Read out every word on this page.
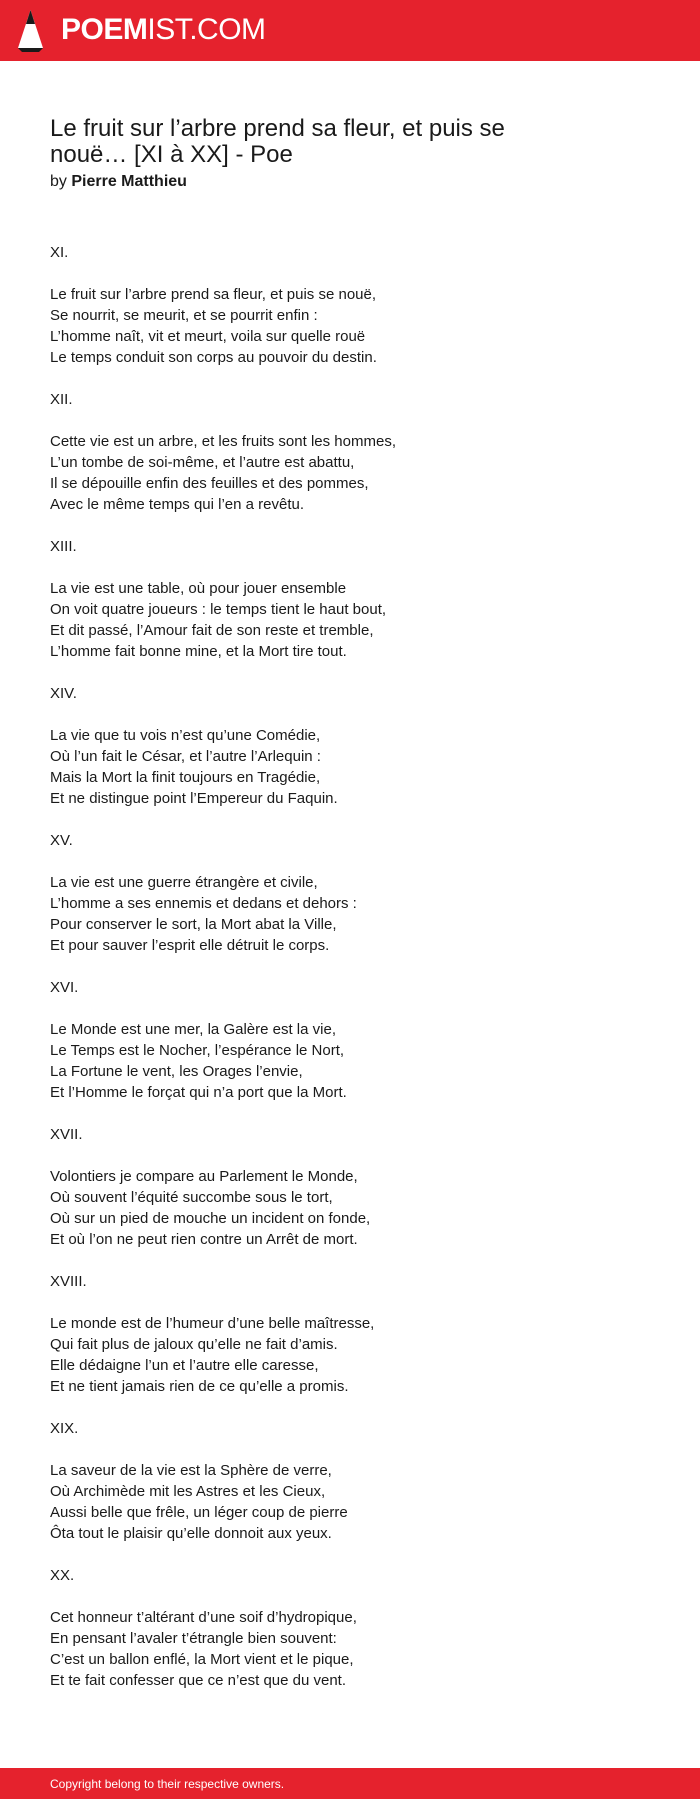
POEMIST.COM
Le fruit sur l’arbre prend sa fleur, et puis se
nouë… [XI à XX] - Poe
by Pierre Matthieu
XI.
Le fruit sur l’arbre prend sa fleur, et puis se nouë,
Se nourrit, se meurit, et se pourrit enfin :
L’homme naît, vit et meurt, voila sur quelle rouë
Le temps conduit son corps au pouvoir du destin.
XII.
Cette vie est un arbre, et les fruits sont les hommes,
L’un tombe de soi-même, et l’autre est abattu,
Il se dépouille enfin des feuilles et des pommes,
Avec le même temps qui l’en a revêtu.
XIII.
La vie est une table, où pour jouer ensemble
On voit quatre joueurs : le temps tient le haut bout,
Et dit passé, l’Amour fait de son reste et tremble,
L’homme fait bonne mine, et la Mort tire tout.
XIV.
La vie que tu vois n’est qu’une Comédie,
Où l’un fait le César, et l’autre l’Arlequin :
Mais la Mort la finit toujours en Tragédie,
Et ne distingue point l’Empereur du Faquin.
XV.
La vie est une guerre étrangère et civile,
L’homme a ses ennemis et dedans et dehors :
Pour conserver le sort, la Mort abat la Ville,
Et pour sauver l’esprit elle détruit le corps.
XVI.
Le Monde est une mer, la Galère est la vie,
Le Temps est le Nocher, l’espérance le Nort,
La Fortune le vent, les Orages l’envie,
Et l’Homme le forçat qui n’a port que la Mort.
XVII.
Volontiers je compare au Parlement le Monde,
Où souvent l’équité succombe sous le tort,
Où sur un pied de mouche un incident on fonde,
Et où l’on ne peut rien contre un Arrêt de mort.
XVIII.
Le monde est de l’humeur d’une belle maîtresse,
Qui fait plus de jaloux qu’elle ne fait d’amis.
Elle dédaigne l’un et l’autre elle caresse,
Et ne tient jamais rien de ce qu’elle a promis.
XIX.
La saveur de la vie est la Sphère de verre,
Où Archimède mit les Astres et les Cieux,
Aussi belle que frêle, un léger coup de pierre
Ôta tout le plaisir qu’elle donnoit aux yeux.
XX.
Cet honneur t’altérant d’une soif d’hydropique,
En pensant l’avaler t’étrangle bien souvent:
C’est un ballon enflé, la Mort vient et le pique,
Et te fait confesser que ce n’est que du vent.
Copyright belong to their respective owners.
